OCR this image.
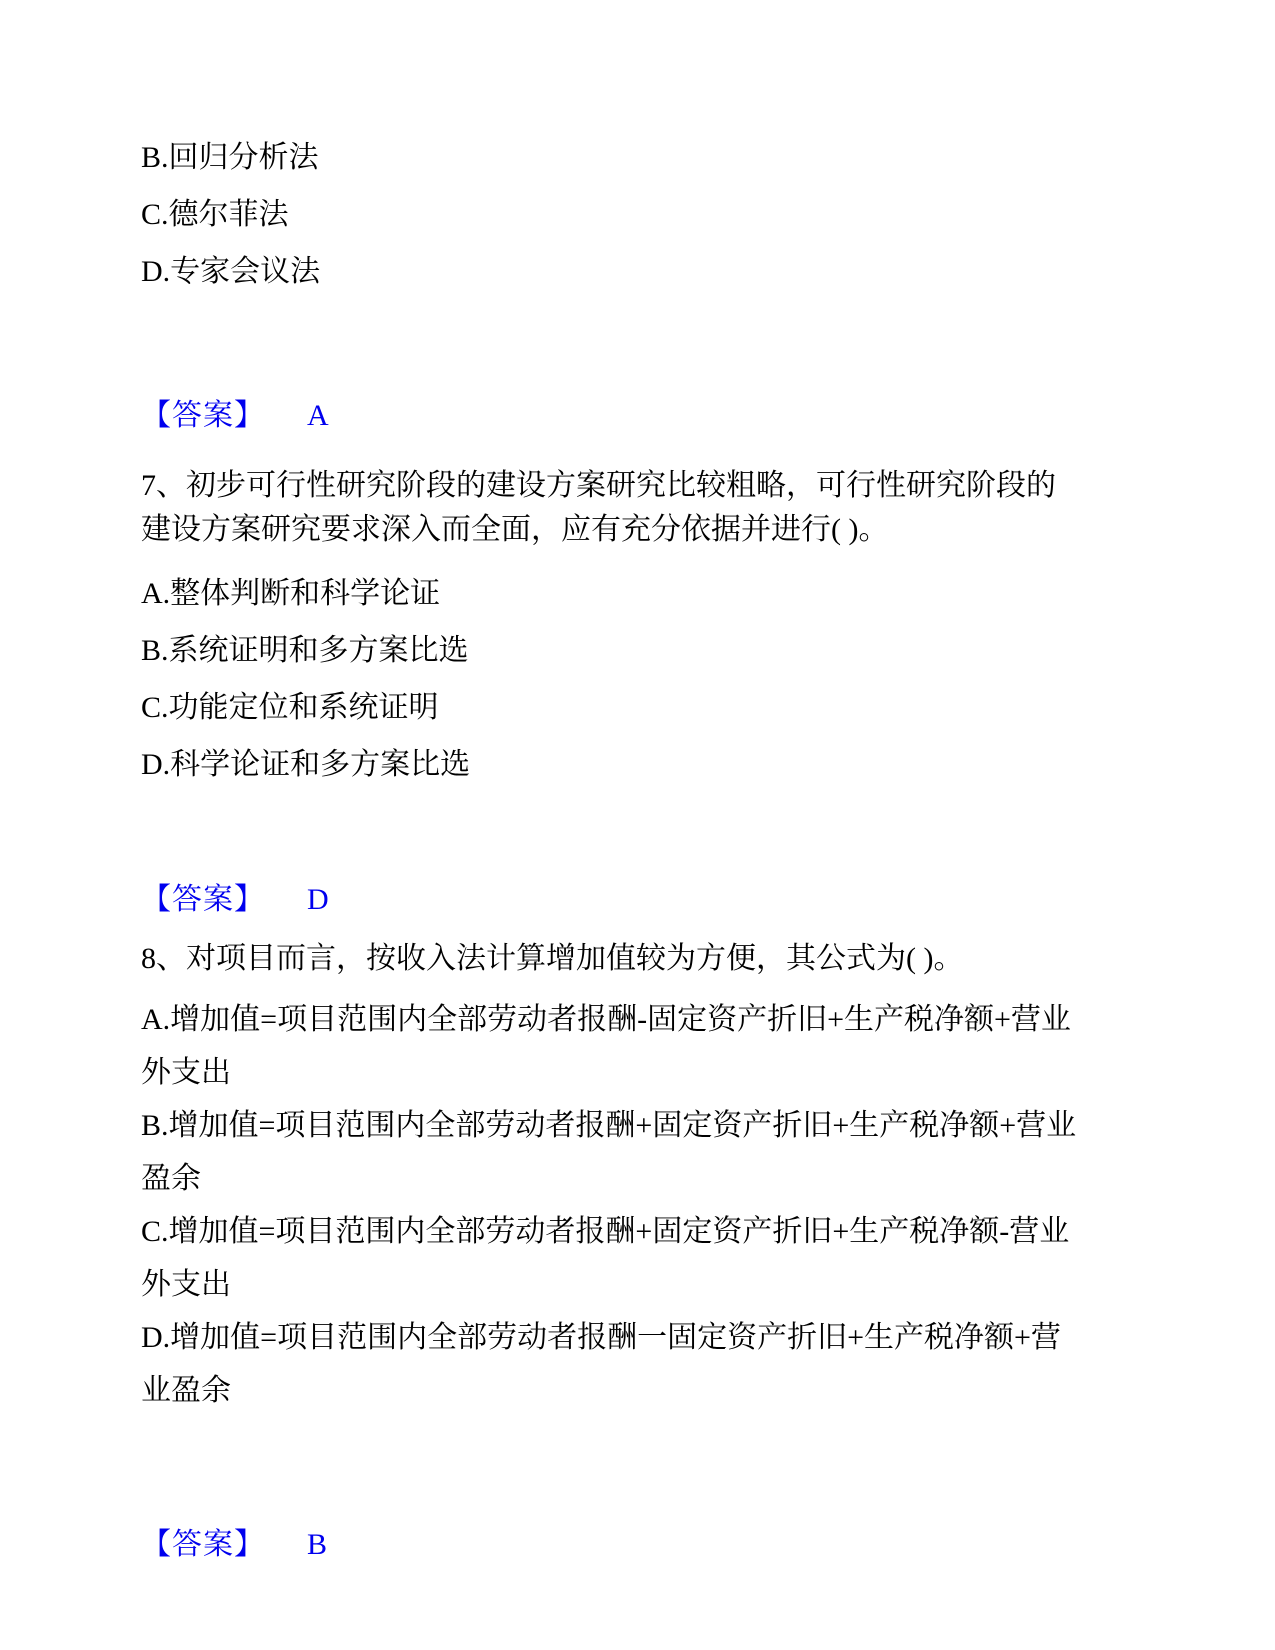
B.回归分析法
C.德尔菲法
D.专家会议法
【答案】 A
7、初步可行性研究阶段的建设方案研究比较粗略，可行性研究阶段的建设方案研究要求深入而全面，应有充分依据并进行( )。
A.整体判断和科学论证
B.系统证明和多方案比选
C.功能定位和系统证明
D.科学论证和多方案比选
【答案】 D
8、对项目而言，按收入法计算增加值较为方便，其公式为( )。
A.增加值=项目范围内全部劳动者报酬-固定资产折旧+生产税净额+营业外支出
B.增加值=项目范围内全部劳动者报酬+固定资产折旧+生产税净额+营业盈余
C.增加值=项目范围内全部劳动者报酬+固定资产折旧+生产税净额-营业外支出
D.增加值=项目范围内全部劳动者报酬一固定资产折旧+生产税净额+营业盈余
【答案】 B
